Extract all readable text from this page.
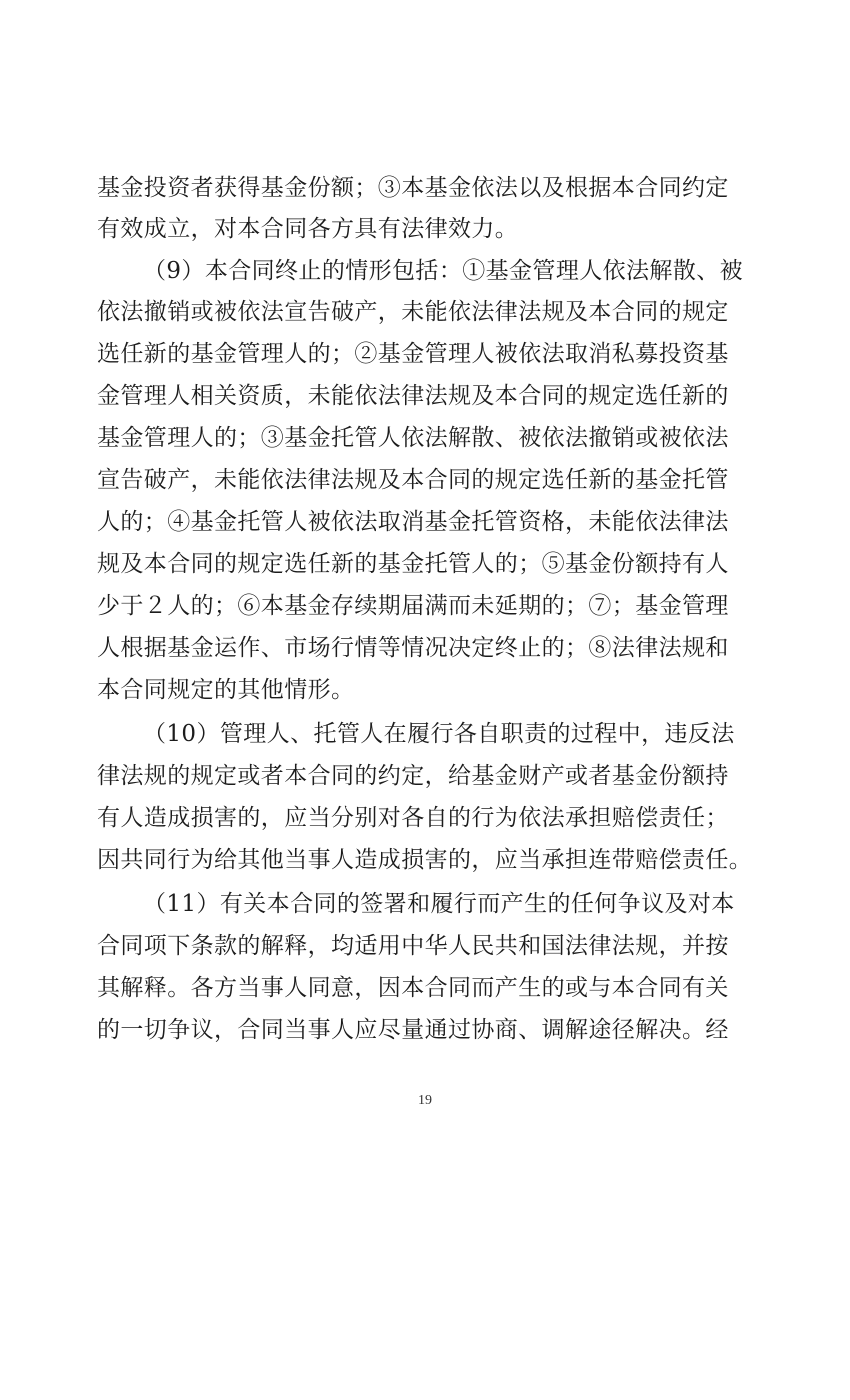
基金投资者获得基金份额；③本基金依法以及根据本合同约定
有效成立，对本合同各方具有法律效力。
（9）本合同终止的情形包括：①基金管理人依法解散、被
依法撤销或被依法宣告破产，未能依法律法规及本合同的规定
选任新的基金管理人的；②基金管理人被依法取消私募投资基
金管理人相关资质，未能依法律法规及本合同的规定选任新的
基金管理人的；③基金托管人依法解散、被依法撤销或被依法
宣告破产，未能依法律法规及本合同的规定选任新的基金托管
人的；④基金托管人被依法取消基金托管资格，未能依法律法
规及本合同的规定选任新的基金托管人的；⑤基金份额持有人
少于２人的；⑥本基金存续期届满而未延期的；⑦；基金管理
人根据基金运作、市场行情等情况决定终止的；⑧法律法规和
本合同规定的其他情形。
（10）管理人、托管人在履行各自职责的过程中，违反法
律法规的规定或者本合同的约定，给基金财产或者基金份额持
有人造成损害的，应当分别对各自的行为依法承担赔偿责任；
因共同行为给其他当事人造成损害的，应当承担连带赔偿责任。
（11）有关本合同的签署和履行而产生的任何争议及对本
合同项下条款的解释，均适用中华人民共和国法律法规，并按
其解释。各方当事人同意，因本合同而产生的或与本合同有关
的一切争议，合同当事人应尽量通过协商、调解途径解决。经
19
